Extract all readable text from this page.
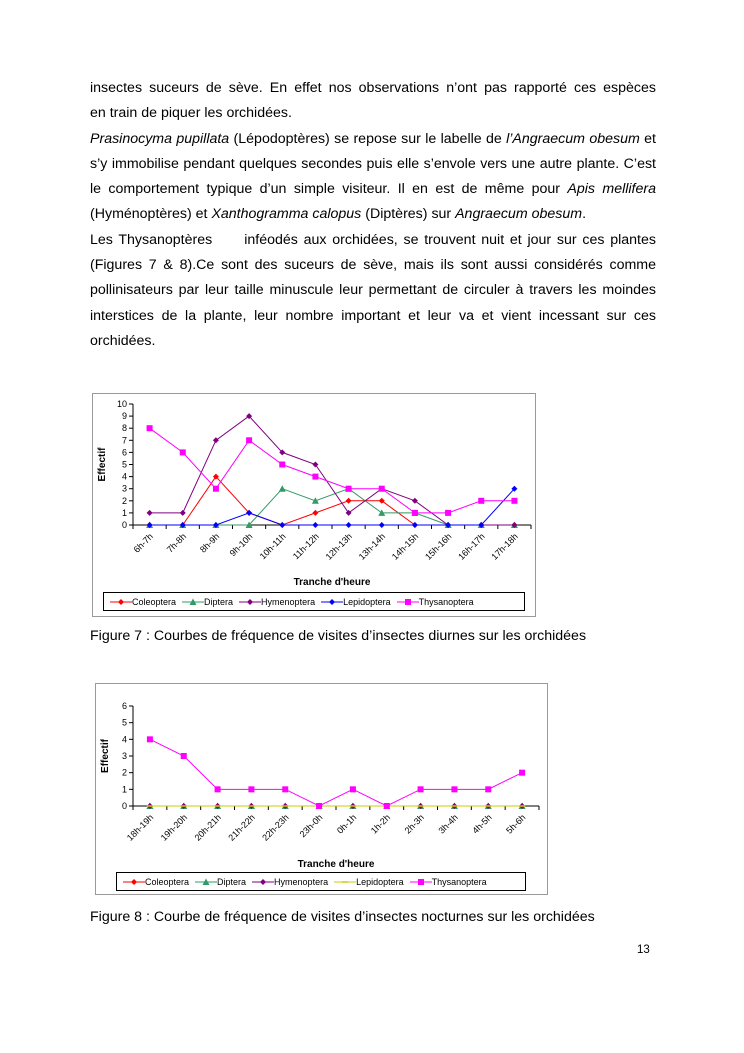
insectes suceurs de sève. En effet nos observations n’ont pas rapporté ces espèces

en train de piquer les orchidées.

Prasinocyma pupillata (Lépodoptères) se repose sur le labelle de l’Angraecum obesum et s’y immobilise pendant quelques secondes puis elle s’envole vers une autre plante. C’est le comportement typique d’un simple visiteur. Il en est de même pour Apis mellifera (Hyménoptères) et Xanthogramma calopus (Diptères) sur Angraecum obesum.

Les Thysanoptères inféodés aux orchidées, se trouvent nuit et jour sur ces plantes (Figures 7 & 8).Ce sont des suceurs de sève, mais ils sont aussi considérés comme pollinisateurs par leur taille minuscule leur permettant de circuler à travers les moindes interstices de la plante, leur nombre important et leur va et vient incessant sur ces orchidées.

0
1
2
3
4
5
6
7
8
9
10
6h-7h 7h-8h 8h-9h 9h-10h 10h-11h 11h-12h 12h-13h 13h-14h 14h-15h 15h-16h 16h-17h 17h-18h
Tranche d'heure
Effectif
Coleoptera	Diptera	Hymenoptera	Lepidoptera	Thysanoptera
Figure 7 : Courbes de fréquence de visites d’insectes diurnes sur les orchidées
0
1
2
3
4
5
6
18h-19h 19h-20h 20h-21h 21h-22h 22h-23h 23h-0h 0h-1h 1h-2h 2h-3h 3h-4h 4h-5h 5h-6h
Tranche d'heure
Effectif
Coleoptera	Diptera	Hymenoptera	Lepidoptera	Thysanoptera
Figure 8 : Courbe de fréquence de visites d’insectes nocturnes sur les orchidées
13
